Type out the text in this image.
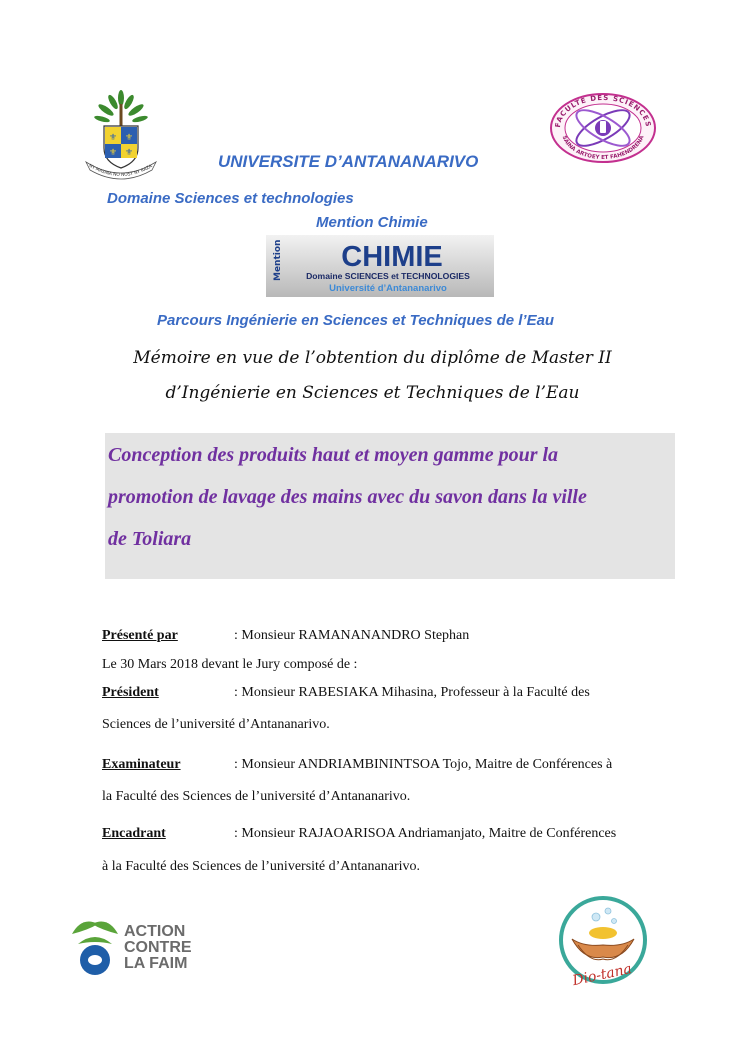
⚜ ⚜
⚜ ⚜
NY MASINA NO NOSY NY RAZA
FACULTE DES SCIENCES
SAINA ARTOEY ET FAHENDRENA
UNIVERSITE D’ANTANANARIVO
Domaine Sciences et technologies
Mention Chimie
Mention CHIMIE
Domaine SCIENCES et TECHNOLOGIES
Université d’Antananarivo
Parcours Ingénierie en Sciences et Techniques de l’Eau
Mémoire en vue de l’obtention du diplôme de Master II
d’Ingénierie en Sciences et Techniques de l’Eau

Conception des produits haut et moyen gamme pour la

promotion de lavage des mains avec du savon dans la ville

de Toliara

Présenté par	: Monsieur RAMANANANDRO Stephan
Le 30 Mars 2018 devant le Jury composé de :
Président	: Monsieur RABESIAKA Mihasina, Professeur à la Faculté des
Sciences de l’université d’Antananarivo.
Examinateur	: Monsieur ANDRIAMBININTSOA Tojo, Maitre de Conférences à
la Faculté des Sciences de l’université d’Antananarivo.
Encadrant	: Monsieur RAJAOARISOA Andriamanjato, Maitre de Conférences
à la Faculté des Sciences de l’université d’Antananarivo.
ACTION
CONTRE
LA FAIM	Dio-tana
